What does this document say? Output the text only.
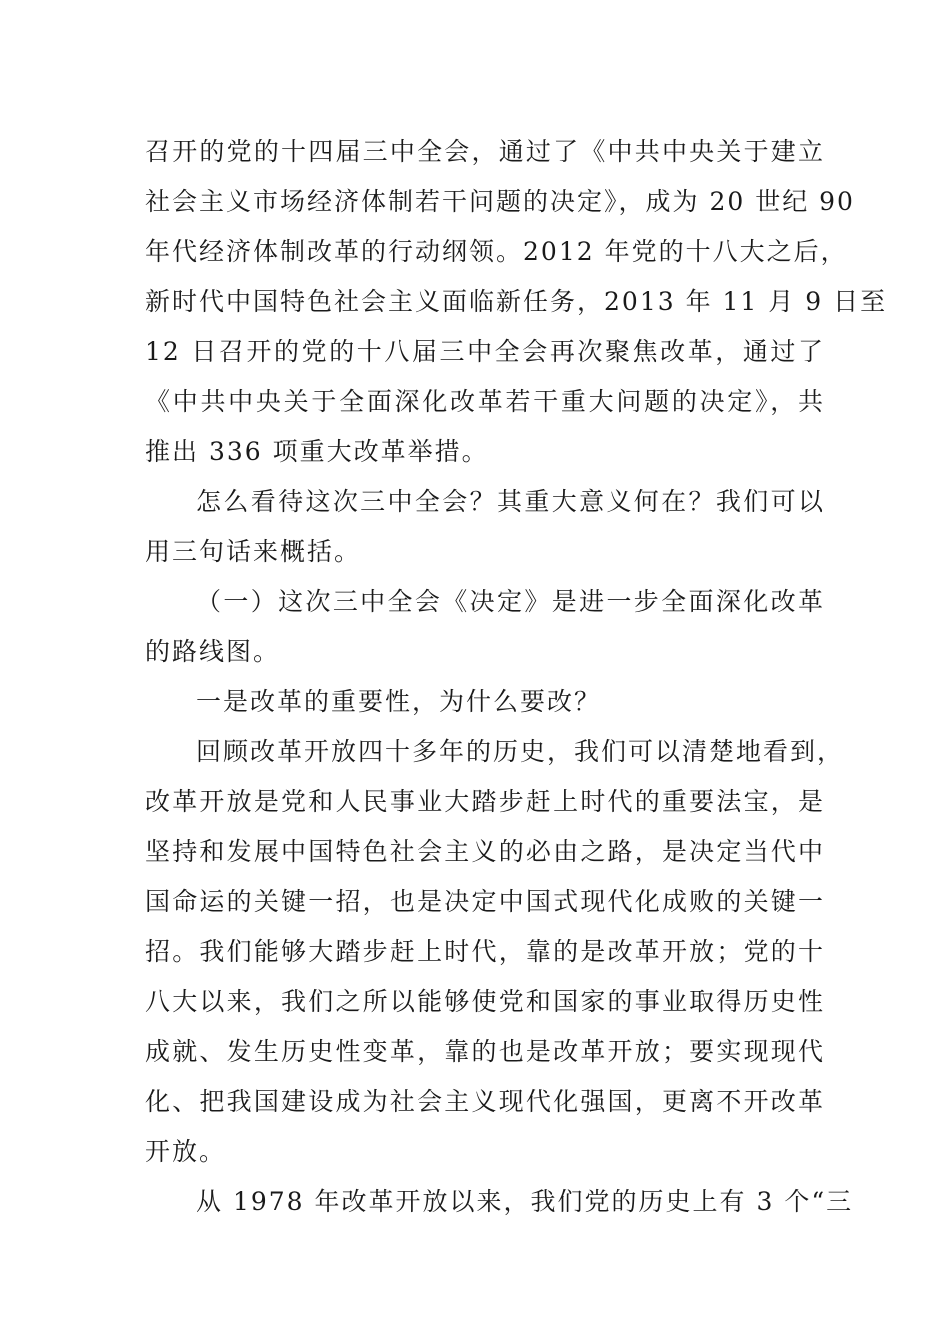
召开的党的十四届三中全会，通过了《中共中央关于建立
社会主义市场经济体制若干问题的决定》，成为 20 世纪 90
年代经济体制改革的行动纲领。2012 年党的十八大之后，
新时代中国特色社会主义面临新任务，2013 年 11 月 9 日至
12 日召开的党的十八届三中全会再次聚焦改革，通过了
《中共中央关于全面深化改革若干重大问题的决定》，共
推出 336 项重大改革举措。
怎么看待这次三中全会？其重大意义何在？我们可以
用三句话来概括。
（一）这次三中全会《决定》是进一步全面深化改革
的路线图。
一是改革的重要性，为什么要改？
回顾改革开放四十多年的历史，我们可以清楚地看到，
改革开放是党和人民事业大踏步赶上时代的重要法宝，是
坚持和发展中国特色社会主义的必由之路，是决定当代中
国命运的关键一招，也是决定中国式现代化成败的关键一
招。我们能够大踏步赶上时代，靠的是改革开放；党的十
八大以来，我们之所以能够使党和国家的事业取得历史性
成就、发生历史性变革，靠的也是改革开放；要实现现代
化、把我国建设成为社会主义现代化强国，更离不开改革
开放。
从 1978 年改革开放以来，我们党的历史上有 3 个“三
